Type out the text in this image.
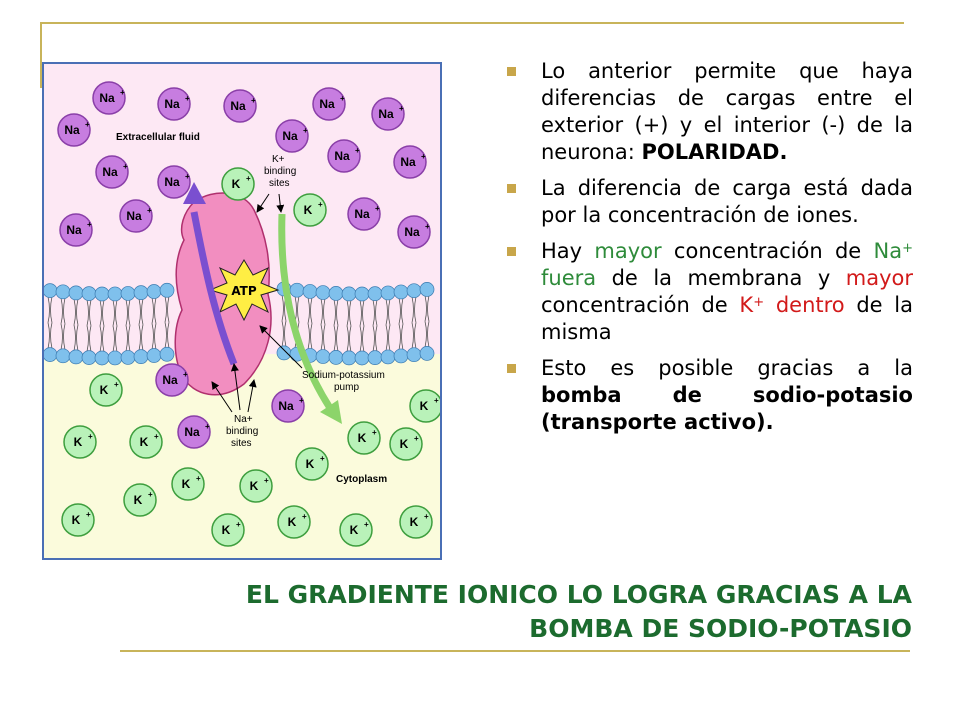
ATP
Extracellular fluid
Cytoplasm
K+
binding
sites
Na+
binding
sites
Sodium-potassium
pump
Na +
Na +
Na +	Na +
Na +
Na +
Na +
Na +
Na +
Na +
Na +
Na +	Na +
Na +
Na +
Na +
Na +
Na +
K +
K +
K +
K +
K +	K +	K +
K +
K +
K +
K +
K +
K +
K +	K +	K +
K +
Lo anterior permite que haya diferencias de cargas entre el exterior (+) y el interior (-) de la neurona: POLARIDAD.
La diferencia de carga está dada por la concentración de iones.
Hay mayor concentración de Na+ fuera de la membrana y mayor concentración de K+ dentro de la misma
Esto es posible gracias a la bomba de sodio-potasio (transporte activo).
EL GRADIENTE IONICO LO LOGRA GRACIAS A LA
BOMBA DE SODIO-POTASIO
